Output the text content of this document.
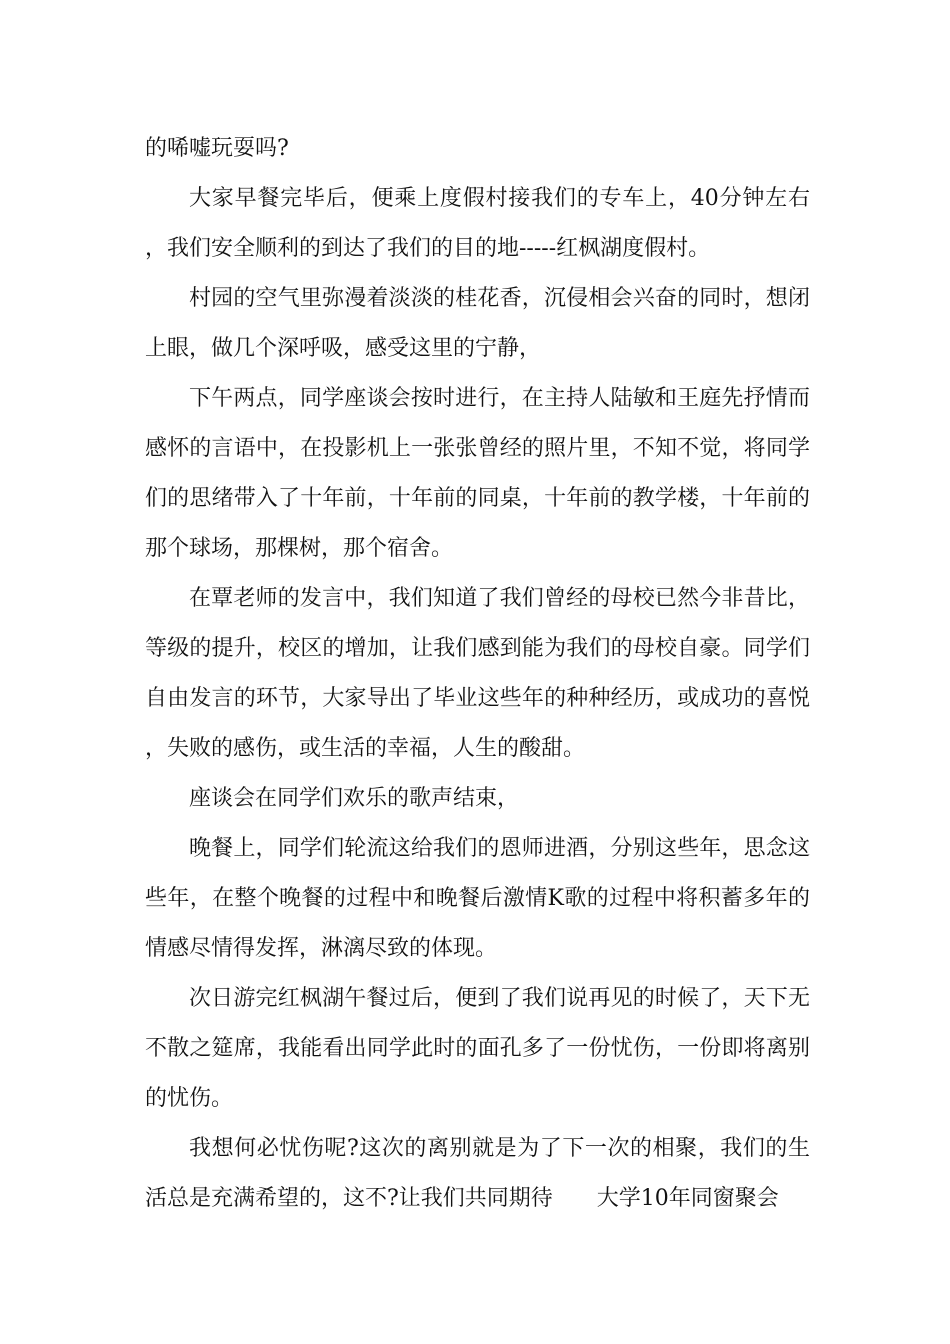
的唏嘘玩耍吗?

大家早餐完毕后，便乘上度假村接我们的专车上，40分钟左右，我们安全顺利的到达了我们的目的地-----红枫湖度假村。

村园的空气里弥漫着淡淡的桂花香，沉侵相会兴奋的同时，想闭上眼，做几个深呼吸，感受这里的宁静，

下午两点，同学座谈会按时进行，在主持人陆敏和王庭先抒情而感怀的言语中，在投影机上一张张曾经的照片里，不知不觉，将同学们的思绪带入了十年前，十年前的同桌，十年前的教学楼，十年前的那个球场，那棵树，那个宿舍。

在覃老师的发言中，我们知道了我们曾经的母校已然今非昔比，等级的提升，校区的增加，让我们感到能为我们的母校自豪。同学们自由发言的环节，大家导出了毕业这些年的种种经历，或成功的喜悦，失败的感伤，或生活的幸福，人生的酸甜。

座谈会在同学们欢乐的歌声结束，

晚餐上，同学们轮流这给我们的恩师进酒，分别这些年，思念这些年，在整个晚餐的过程中和晚餐后激情K歌的过程中将积蓄多年的情感尽情得发挥，淋漓尽致的体现。

次日游完红枫湖午餐过后，便到了我们说再见的时候了，天下无不散之筵席，我能看出同学此时的面孔多了一份忧伤，一份即将离别的忧伤。

我想何必忧伤呢?这次的离别就是为了下一次的相聚，我们的生活总是充满希望的，这不?让我们共同期待 大学10年同窗聚会
